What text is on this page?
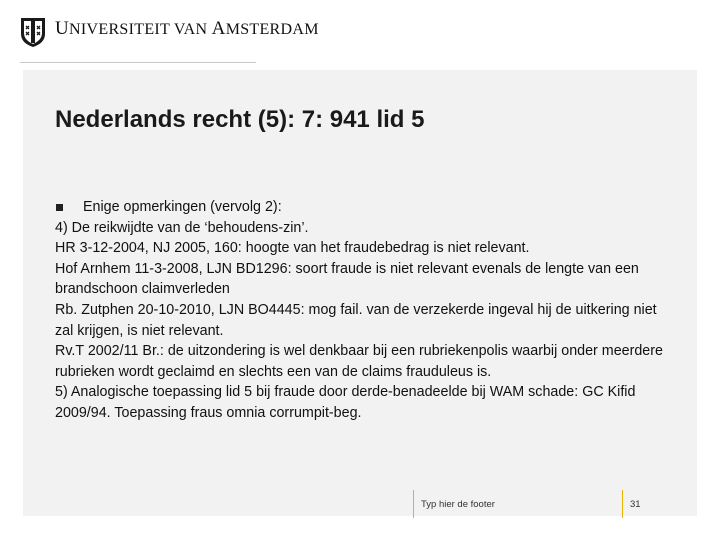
UNIVERSITEIT VAN AMSTERDAM
Nederlands recht (5): 7: 941 lid 5

Enige opmerkingen (vervolg 2):

4) De reikwijdte van de ‘behoudens-zin’.

HR 3-12-2004, NJ 2005, 160: hoogte van het fraudebedrag is niet relevant.

Hof Arnhem 11-3-2008, LJN BD1296: soort fraude is niet relevant evenals de lengte van een brandschoon claimverleden

Rb. Zutphen 20-10-2010, LJN BO4445: mog fail. van de verzekerde ingeval hij de uitkering niet zal krijgen, is niet relevant.

Rv.T 2002/11 Br.: de uitzondering is wel denkbaar bij een rubriekenpolis waarbij onder meerdere rubrieken wordt geclaimd en slechts een van de claims frauduleus is.

5) Analogische toepassing lid 5 bij fraude door derde-benadeelde bij WAM schade: GC Kifid 2009/94. Toepassing fraus omnia corrumpit-beg.

Typ hier de footer	31
